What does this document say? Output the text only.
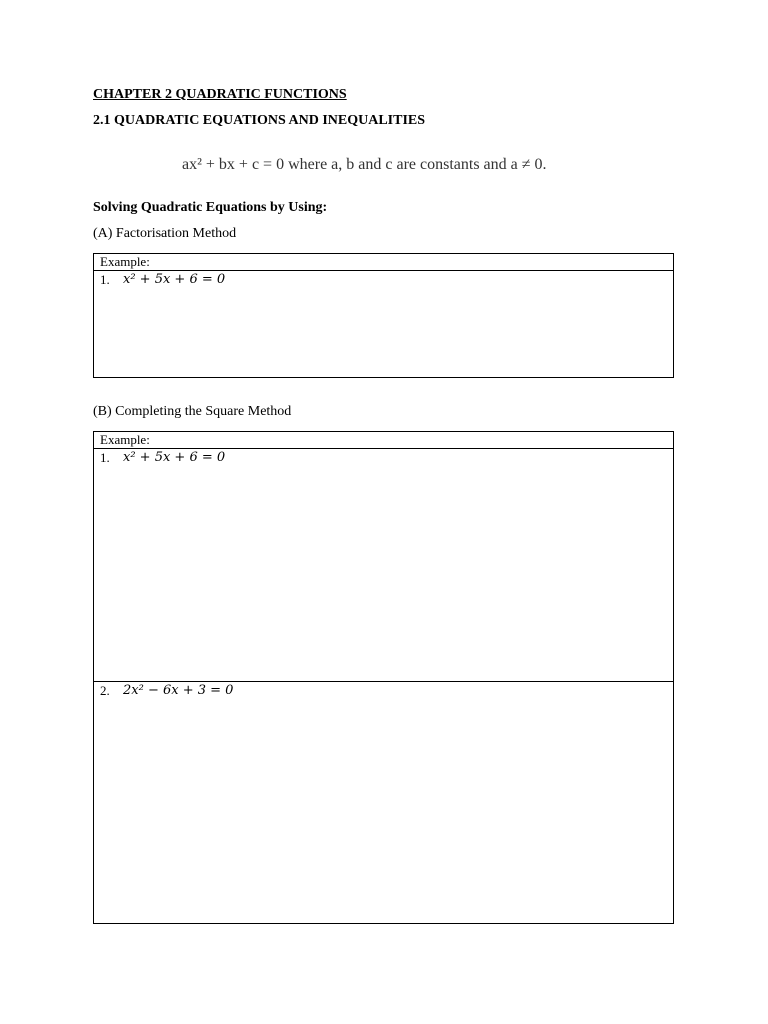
CHAPTER 2 QUADRATIC FUNCTIONS
2.1 QUADRATIC EQUATIONS AND INEQUALITIES
ax² + bx + c = 0 where a, b and c are constants and a ≠ 0.
Solving Quadratic Equations by Using:
(A) Factorisation Method
Example:
1. x² + 5x + 6 = 0
(B) Completing the Square Method
Example:
1. x² + 5x + 6 = 0
2. 2x² − 6x + 3 = 0
